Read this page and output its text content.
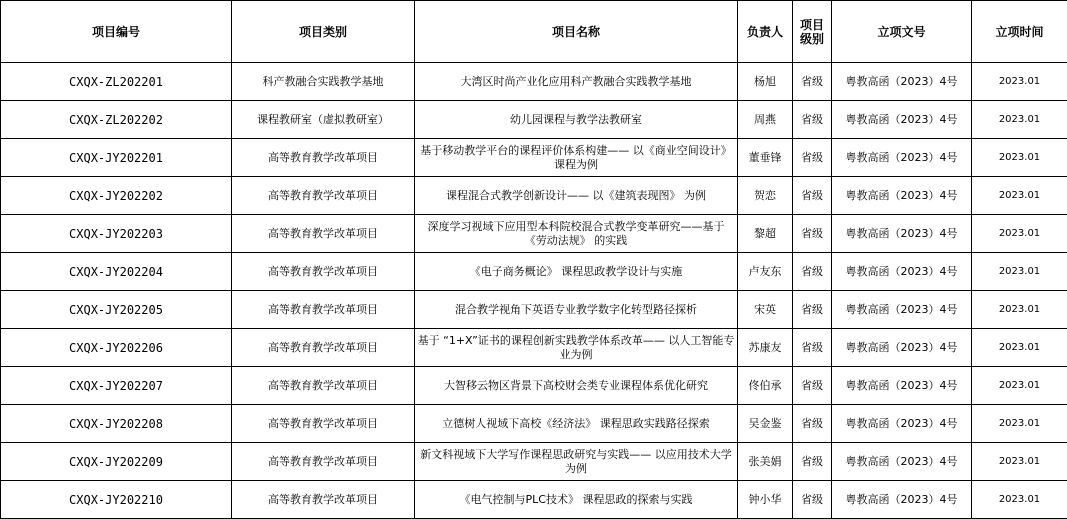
项目编号	项目类别	项目名称	负责人	项目级别	立项文号	立项时间
CXQX-ZL202201	科产教融合实践教学基地	大湾区时尚产业化应用科产教融合实践教学基地	杨旭	省级	粤教高函（2023）4号	2023.01
CXQX-ZL202202	课程教研室（虚拟教研室）	幼儿园课程与教学法教研室	周燕	省级	粤教高函（2023）4号	2023.01
CXQX-JY202201	高等教育教学改革项目	基于移动教学平台的课程评价体系构建—— 以《商业空间设计》 课程为例	董垂锋	省级	粤教高函（2023）4号	2023.01
CXQX-JY202202	高等教育教学改革项目	课程混合式教学创新设计—— 以《建筑表现图》 为例	贺恋	省级	粤教高函（2023）4号	2023.01
CXQX-JY202203	高等教育教学改革项目	深度学习视域下应用型本科院校混合式教学变革研究——基于《劳动法规》 的实践	黎超	省级	粤教高函（2023）4号	2023.01
CXQX-JY202204	高等教育教学改革项目	《电子商务概论》 课程思政教学设计与实施	卢友东	省级	粤教高函（2023）4号	2023.01
CXQX-JY202205	高等教育教学改革项目	混合教学视角下英语专业教学数字化转型路径探析	宋英	省级	粤教高函（2023）4号	2023.01
CXQX-JY202206	高等教育教学改革项目	基于 “1+X”证书的课程创新实践教学体系改革—— 以人工智能专业为例	苏康友	省级	粤教高函（2023）4号	2023.01
CXQX-JY202207	高等教育教学改革项目	大智移云物区背景下高校财会类专业课程体系优化研究	佟伯承	省级	粤教高函（2023）4号	2023.01
CXQX-JY202208	高等教育教学改革项目	立德树人视域下高校《经济法》 课程思政实践路径探索	吴金鉴	省级	粤教高函（2023）4号	2023.01
CXQX-JY202209	高等教育教学改革项目	新文科视域下大学写作课程思政研究与实践—— 以应用技术大学为例	张美娟	省级	粤教高函（2023）4号	2023.01
CXQX-JY202210	高等教育教学改革项目	《电气控制与PLC技术》 课程思政的探索与实践	钟小华	省级	粤教高函（2023）4号	2023.01
